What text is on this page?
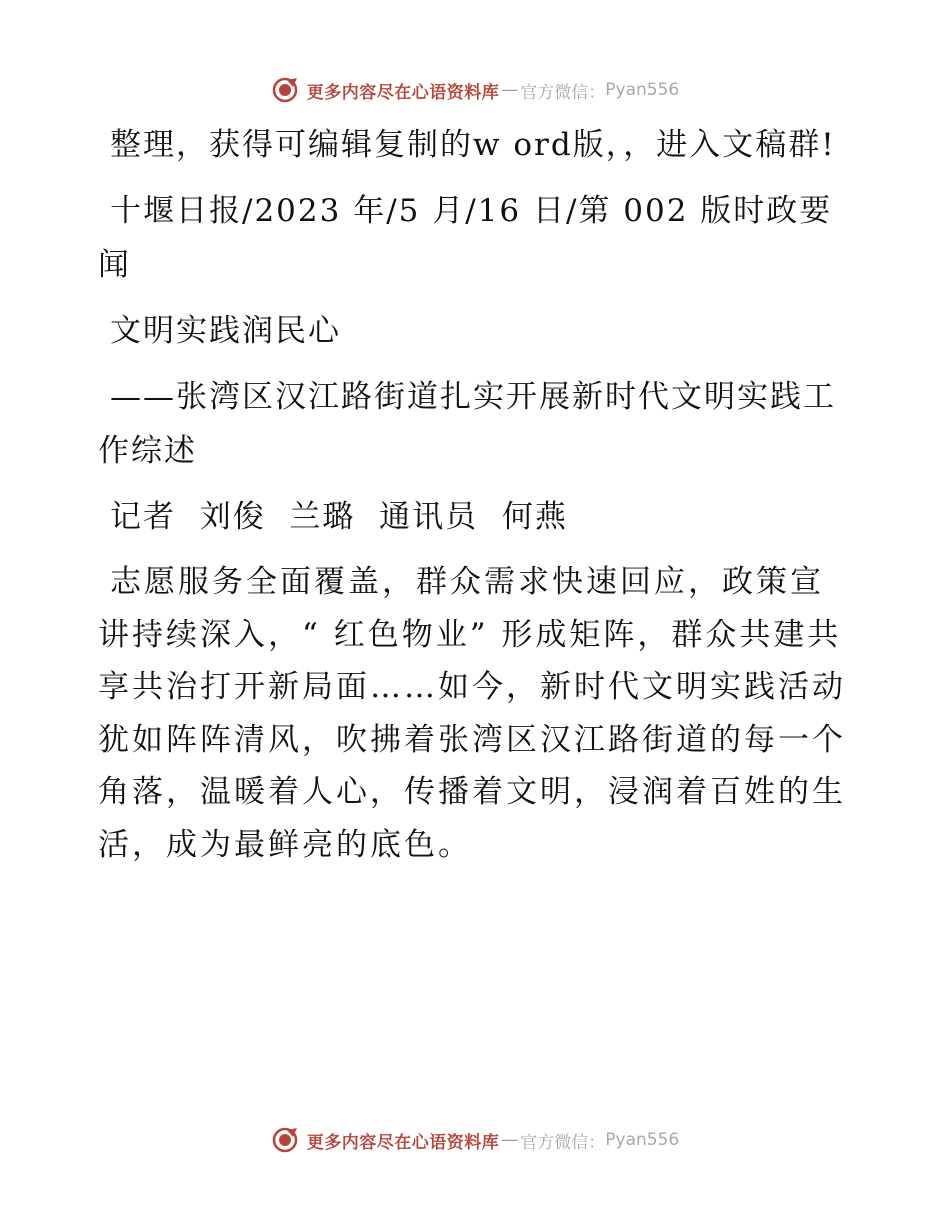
更多内容尽在心语资料库 — 官方微信： Pyan556

整理，获得可编辑复制的w ord版，，进入文稿群!

十堰日报/2023 年/5 月/16 日/第 002 版时政要闻

文明实践润民心

——张湾区汉江路街道扎实开展新时代文明实践工作综述

记者  刘俊  兰璐  通讯员  何燕

志愿服务全面覆盖，群众需求快速回应，政策宣讲持续深入，“ 红色物业” 形成矩阵，群众共建共享共治打开新局面……如今，新时代文明实践活动犹如阵阵清风，吹拂着张湾区汉江路街道的每一个角落，温暖着人心，传播着文明，浸润着百姓的生活，成为最鲜亮的底色。

更多内容尽在心语资料库 — 官方微信： Pyan556
